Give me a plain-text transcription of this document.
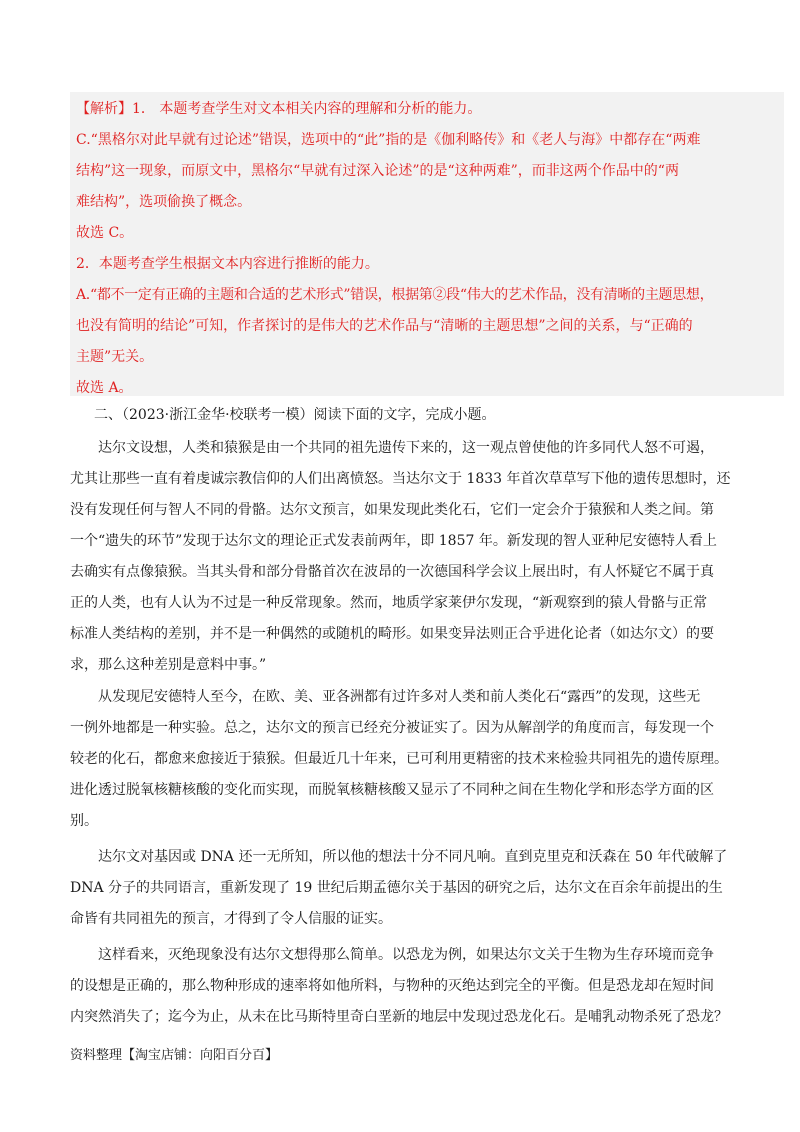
【解析】1． 本题考查学生对文本相关内容的理解和分析的能力。
C.“黑格尔对此早就有过论述”错误，选项中的“此”指的是《伽利略传》和《老人与海》中都存在“两难
结构”这一现象，而原文中，黑格尔“早就有过深入论述”的是“这种两难”，而非这两个作品中的“两
难结构”，选项偷换了概念。
故选 C。
2．本题考查学生根据文本内容进行推断的能力。
A.“都不一定有正确的主题和合适的艺术形式”错误，根据第②段“伟大的艺术作品，没有清晰的主题思想，
也没有简明的结论”可知，作者探讨的是伟大的艺术作品与“清晰的主题思想”之间的关系，与“正确的
主题”无关。
故选 A。
二、（2023·浙江金华·校联考一模）阅读下面的文字，完成小题。
达尔文设想，人类和猿猴是由一个共同的祖先遗传下来的，这一观点曾使他的许多同代人怒不可遏，
尤其让那些一直有着虔诚宗教信仰的人们出离愤怒。当达尔文于 1833 年首次草草写下他的遗传思想时，还
没有发现任何与智人不同的骨骼。达尔文预言，如果发现此类化石，它们一定会介于猿猴和人类之间。第
一个“遗失的环节”发现于达尔文的理论正式发表前两年，即 1857 年。新发现的智人亚种尼安德特人看上
去确实有点像猿猴。当其头骨和部分骨骼首次在波昂的一次德国科学会议上展出时，有人怀疑它不属于真
正的人类，也有人认为不过是一种反常现象。然而，地质学家莱伊尔发现，“新观察到的猿人骨骼与正常
标准人类结构的差别，并不是一种偶然的或随机的畸形。如果变异法则正合乎进化论者（如达尔文）的要
求，那么这种差别是意料中事。”
从发现尼安德特人至今，在欧、美、亚各洲都有过许多对人类和前人类化石“露西”的发现，这些无
一例外地都是一种实验。总之，达尔文的预言已经充分被证实了。因为从解剖学的角度而言，每发现一个
较老的化石，都愈来愈接近于猿猴。但最近几十年来，已可利用更精密的技术来检验共同祖先的遗传原理。
进化透过脱氧核糖核酸的变化而实现，而脱氧核糖核酸又显示了不同种之间在生物化学和形态学方面的区
别。
达尔文对基因或 DNA 还一无所知，所以他的想法十分不同凡响。直到克里克和沃森在 50 年代破解了
DNA 分子的共同语言，重新发现了 19 世纪后期孟德尔关于基因的研究之后，达尔文在百余年前提出的生
命皆有共同祖先的预言，才得到了令人信服的证实。
这样看来，灭绝现象没有达尔文想得那么简单。以恐龙为例，如果达尔文关于生物为生存环境而竞争
的设想是正确的，那么物种形成的速率将如他所料，与物种的灭绝达到完全的平衡。但是恐龙却在短时间
内突然消失了；迄今为止，从未在比马斯特里奇白垩新的地层中发现过恐龙化石。是哺乳动物杀死了恐龙？
资料整理【淘宝店铺：向阳百分百】
